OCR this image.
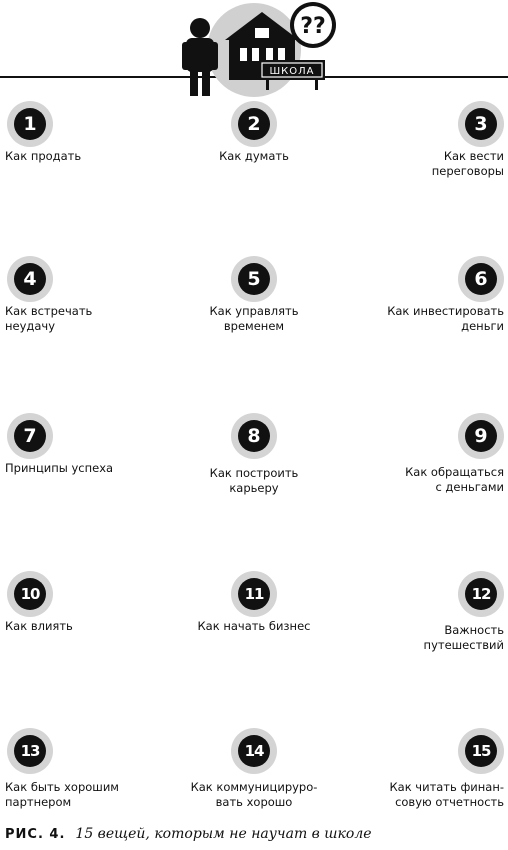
??
ШКОЛА
1
Как продать
2
Как думать
3
Как вести
переговоры
4
Как встречать
неудачу
5
Как управлять
временем
6
Как инвестировать
деньги
7
Принципы успеха
8
Как построить
карьеру
9
Как обращаться
с деньгами
10
Как влиять
11
Как начать бизнес
12
Важность
путешествий
13
Как быть хорошим
партнером
14
Как коммуницируро-
вать хорошо
15
Как читать финан-
совую отчетность
РИС. 4. 15 вещей, которым не научат в школе
